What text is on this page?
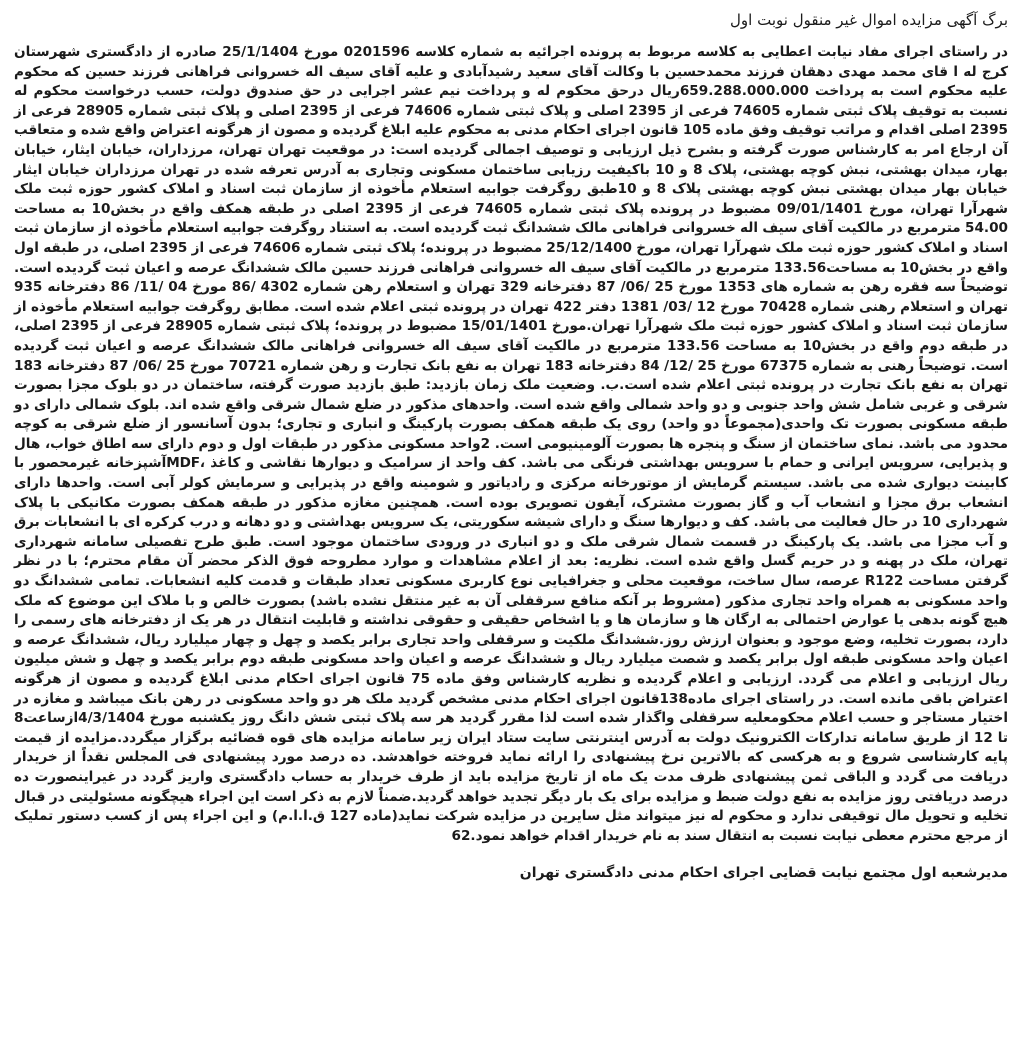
برگ آگهی مزایده اموال غیر منقول نوبت اول

در راستای اجرای مفاد نیابت اعطایی به کلاسه مربوط به پرونده اجرائیه به شماره کلاسه 0201596 مورخ 25/1/1404 صادره از دادگستری شهرستان کرج له ا قای محمد مهدی دهقان فرزند محمدحسین با وکالت آقای سعید رشیدآبادی و علیه آقای سیف اله خسروانی فراهانی فرزند حسین که محکوم علیه محکوم است به پرداخت 659.288.000.000ریال درحق محکوم له و پرداخت نیم عشر اجرایی در حق صندوق دولت، حسب درخواست محکوم له نسبت به توقیف پلاک ثبتی شماره 74605 فرعی از 2395 اصلی و پلاک ثبتی شماره 74606 فرعی از 2395 اصلی و پلاک ثبتی شماره 28905 فرعی از 2395 اصلی اقدام و مراتب توقیف وفق ماده 105 قانون اجرای احکام مدنی به محکوم علیه ابلاغ گردیده و مصون از هرگونه اعتراض واقع شده و متعاقب آن ارجاع امر به کارشناس صورت گرفته و بشرح ذیل ارزیابی و توصیف اجمالی گردیده است: در موقعیت تهران تهران، مرزداران، خیابان ایثار، خیابان بهار، میدان بهشتی، نبش کوچه بهشتی، پلاک 8 و 10 باکیفیت رزیابی ساختمان مسکونی وتجاری به آدرس تعرفه شده در تهران مرزداران خیابان ایثار خیابان بهار میدان بهشتی نبش کوچه بهشتی پلاک 8 و 10طبق روگرفت جوابیه استعلام مأخوذه از سازمان ثبت اسناد و املاک کشور حوزه ثبت ملک شهرآرا تهران، مورخ 09/01/1401 مضبوط در پرونده پلاک ثبتی شماره 74605 فرعی از 2395 اصلی در طبقه همکف واقع در بخش10 به مساحت 54.00 مترمربع در مالکیت آقای سیف اله خسروانی فراهانی مالک ششدانگ ثبت گردیده است. به استناد روگرفت جوابیه استعلام مأخوذه از سازمان ثبت اسناد و املاک کشور حوزه ثبت ملک شهرآرا تهران، مورخ 25/12/1400 مضبوط در پرونده؛ پلاک ثبتی شماره 74606 فرعی از 2395 اصلی، در طبقه اول واقع در بخش10 به مساحت133.56 مترمربع در مالکیت آقای سیف اله خسروانی فراهانی فرزند حسین مالک ششدانگ عرصه و اعیان ثبت گردیده است. توضیحاً سه فقره رهن به شماره های 1353 مورخ 25 /06/ 87 دفترخانه 329 تهران و استعلام رهن شماره 4302 /86 مورخ 04 /11/ 86 دفترخانه 935 تهران و استعلام رهنی شماره 70428 مورخ 12 /03/ 1381 دفتر 422 تهران در پرونده ثبتی اعلام شده است. مطابق روگرفت جوابیه استعلام مأخوذه از سازمان ثبت اسناد و املاک کشور حوزه ثبت ملک شهرآرا تهران.مورخ 15/01/1401 مضبوط در پرونده؛ پلاک ثبتی شماره 28905 فرعی از 2395 اصلی، در طبقه دوم واقع در بخش10 به مساحت 133.56 مترمربع در مالکیت آقای سیف اله خسروانی فراهانی مالک ششدانگ عرصه و اعیان ثبت گردیده است. توضیحاً رهنی به شماره 67375 مورخ 25 /12/ 84 دفترخانه 183 تهران به نفع بانک تجارت و رهن شماره 70721 مورخ 25 /06/ 87 دفترخانه 183 تهران به نفع بانک تجارت در پرونده ثبتی اعلام شده است.ب. وضعیت ملک زمان بازدید: طبق بازدید صورت گرفته، ساختمان در دو بلوک مجزا بصورت شرقی و غربی شامل شش واحد جنوبی و دو واحد شمالی واقع شده است. واحدهای مذکور در ضلع شمال شرقی واقع شده اند. بلوک شمالی دارای دو طبقه مسکونی بصورت تک واحدی(مجموعاً دو واحد) روی یک طبقه همکف بصورت پارکینگ و انباری و تجاری؛ بدون آسانسور از ضلع شرقی به کوچه محدود می باشد. نمای ساختمان از سنگ و پنجره ها بصورت آلومینیومی است. 2واحد مسکونی مذکور در طبقات اول و دوم دارای سه اطاق خواب، هال و پذیرایی، سرویس ایرانی و حمام با سرویس بهداشتی فرنگی می باشد. کف واحد از سرامیک و دیوارها نقاشی و کاغذ ،MDFآشپزخانه غیرمحصور با کابینت دیواری شده می باشد. سیستم گرمایش از موتورخانه مرکزی و رادیاتور و شومینه واقع در پذیرایی و سرمایش کولر آبی است. واحدها دارای انشعاب برق مجزا و انشعاب آب و گاز بصورت مشترک، آیفون تصویری بوده است. همچنین مغازه مذکور در طبقه همکف بصورت مکانیکی با پلاک شهرداری 10 در حال فعالیت می باشد. کف و دیوارها سنگ و دارای شیشه سکوریتی، یک سرویس بهداشتی و دو دهانه و درب کرکره ای با انشعابات برق و آب مجزا می باشد. یک پارکینگ در قسمت شمال شرقی ملک و دو انباری در ورودی ساختمان موجود است. طبق طرح تفصیلی سامانه شهرداری تهران، ملک در پهنه و در حریم گسل واقع شده است. نظریه: بعد از اعلام مشاهدات و موارد مطروحه فوق الذکر محضر آن مقام محترم؛ با در نظر گرفتن مساحت R122 عرصه، سال ساخت، موقعیت محلی و جغرافیایی نوع کاربری مسکونی تعداد طبقات و قدمت کلیه انشعابات. تمامی ششدانگ دو واحد مسکونی به همراه واحد تجاری مذکور (مشروط بر آنکه منافع سرقفلی آن به غیر منتقل نشده باشد) بصورت خالص و با ملاک این موضوع که ملک هیچ گونه بدهی یا عوارض احتمالی به ارگان ها و سازمان ها و یا اشخاص حقیقی و حقوقی نداشته و قابلیت انتقال در هر یک از دفترخانه های رسمی را دارد، بصورت تخلیه، وضع موجود و بعنوان ارزش روز.ششدانگ ملکیت و سرقفلی واحد تجاری برابر یکصد و چهل و چهار میلیارد ریال، ششدانگ عرصه و اعیان واحد مسکونی طبقه اول برابر یکصد و شصت میلیارد ریال و ششدانگ عرصه و اعیان واحد مسکونی طبقه دوم برابر یکصد و چهل و شش میلیون ریال ارزیابی و اعلام می گردد. ارزیابی و اعلام گردیده و نظریه کارشناس وفق ماده 75 قانون اجرای احکام مدنی ابلاغ گردیده و مصون از هرگونه اعتراض باقی مانده است. در راستای اجرای ماده138قانون اجرای احکام مدنی مشخص گردید ملک هر دو واحد مسکونی در رهن بانک میباشد و مغازه در اختیار مستاجر و حسب اعلام محکومعلیه سرقفلی واگذار شده است لذا مقرر گردید هر سه پلاک ثبتی شش دانگ روز یکشنبه مورخ 4/3/1404ازساعت8 تا 12 از طریق سامانه تدارکات الکترونیک دولت به آدرس اینترنتی سایت ستاد ایران زیر سامانه مزایده های قوه قضائیه برگزار میگردد.مزایده از قیمت پایه کارشناسی شروع و به هرکسی که بالاترین نرخ پیشنهادی را ارائه نماید فروخته خواهدشد. ده درصد مورد پیشنهادی فی المجلس نقداً از خریدار دریافت می گردد و الباقی ثمن پیشنهادی ظرف مدت یک ماه از تاریخ مزایده باید از طرف خریدار به حساب دادگستری واریز گردد در غیراینصورت ده درصد دریافتی روز مزایده به نفع دولت ضبط و مزایده برای یک بار دیگر تجدید خواهد گردید.ضمناً لازم به ذکر است این اجراء هیچگونه مسئولیتی در قبال تخلیه و تحویل مال توقیفی ندارد و محکوم له نیز میتواند مثل سایرین در مزایده شرکت نماید(ماده 127 ق.ا.ا.م) و این اجراء پس از کسب دستور تملیک از مرجع محترم معطی نیابت نسبت به انتقال سند به نام خریدار اقدام خواهد نمود.62

مدیرشعبه اول مجتمع نیابت قضایی اجرای احکام مدنی دادگستری تهران
